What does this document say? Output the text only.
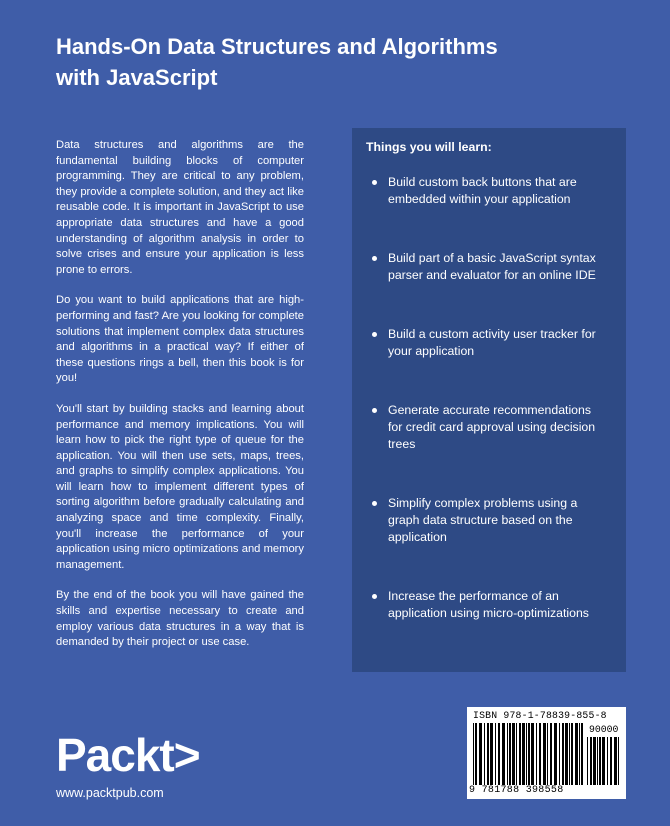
Hands-On Data Structures and Algorithms with JavaScript

Data structures and algorithms are the fundamental building blocks of computer programming. They are critical to any problem, they provide a complete solution, and they act like reusable code. It is important in JavaScript to use appropriate data structures and have a good understanding of algorithm analysis in order to solve crises and ensure your application is less prone to errors.

Do you want to build applications that are high-performing and fast? Are you looking for complete solutions that implement complex data structures and algorithms in a practical way? If either of these questions rings a bell, then this book is for you!

You'll start by building stacks and learning about performance and memory implications. You will learn how to pick the right type of queue for the application. You will then use sets, maps, trees, and graphs to simplify complex applications. You will learn how to implement different types of sorting algorithm before gradually calculating and analyzing space and time complexity. Finally, you'll increase the performance of your application using micro optimizations and memory management.

By the end of the book you will have gained the skills and expertise necessary to create and employ various data structures in a way that is demanded by their project or use case.

Things you will learn:
Build custom back buttons that are embedded within your application
Build part of a basic JavaScript syntax parser and evaluator for an online IDE
Build a custom activity user tracker for your application
Generate accurate recommendations for credit card approval using decision trees
Simplify complex problems using a graph data structure based on the application
Increase the performance of an application using micro-optimizations
Packt>
www.packtpub.com
ISBN 978-1-78839-855-8
90000
9 781788 398558
